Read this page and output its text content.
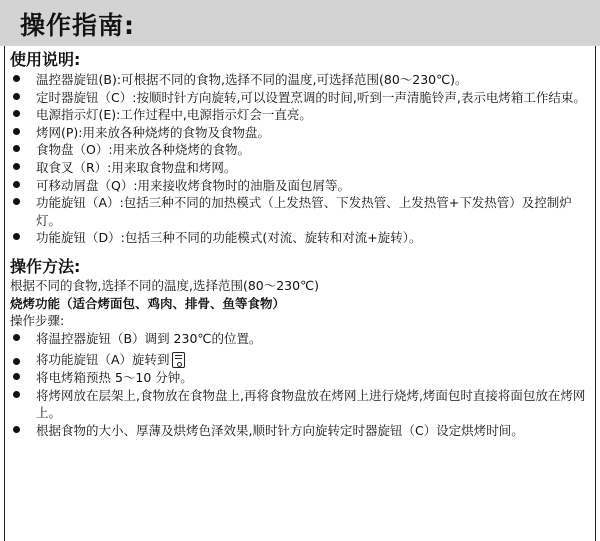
操作指南:
使用说明:
温控器旋钮(B):可根据不同的食物,选择不同的温度,可选择范围(80～230℃)。
定时器旋钮（C）:按顺时针方向旋转,可以设置烹调的时间,听到一声清脆铃声,表示电烤箱工作结束。
电源指示灯(E):工作过程中,电源指示灯会一直亮。
烤网(P):用来放各种烧烤的食物及食物盘。
食物盘（O）:用来放各种烧烤的食物。
取食叉（R）:用来取食物盘和烤网。
可移动屑盘（Q）:用来接收烤食物时的油脂及面包屑等。
功能旋钮（A）:包括三种不同的加热模式（上发热管、下发热管、上发热管+下发热管）及控制炉灯。
功能旋钮（D）:包括三种不同的功能模式(对流、旋转和对流+旋转）。
操作方法:
根据不同的食物,选择不同的温度,选择范围(80～230℃)
烧烤功能（适合烤面包、鸡肉、排骨、鱼等食物）
操作步骤:
将温控器旋钮（B）调到 230℃的位置。
将功能旋钮（A）旋转到
将电烤箱预热 5～10 分钟。
将烤网放在层架上,食物放在食物盘上,再将食物盘放在烤网上进行烧烤,烤面包时直接将面包放在烤网上。
根据食物的大小、厚薄及烘烤色泽效果,顺时针方向旋转定时器旋钮（C）设定烘烤时间。
